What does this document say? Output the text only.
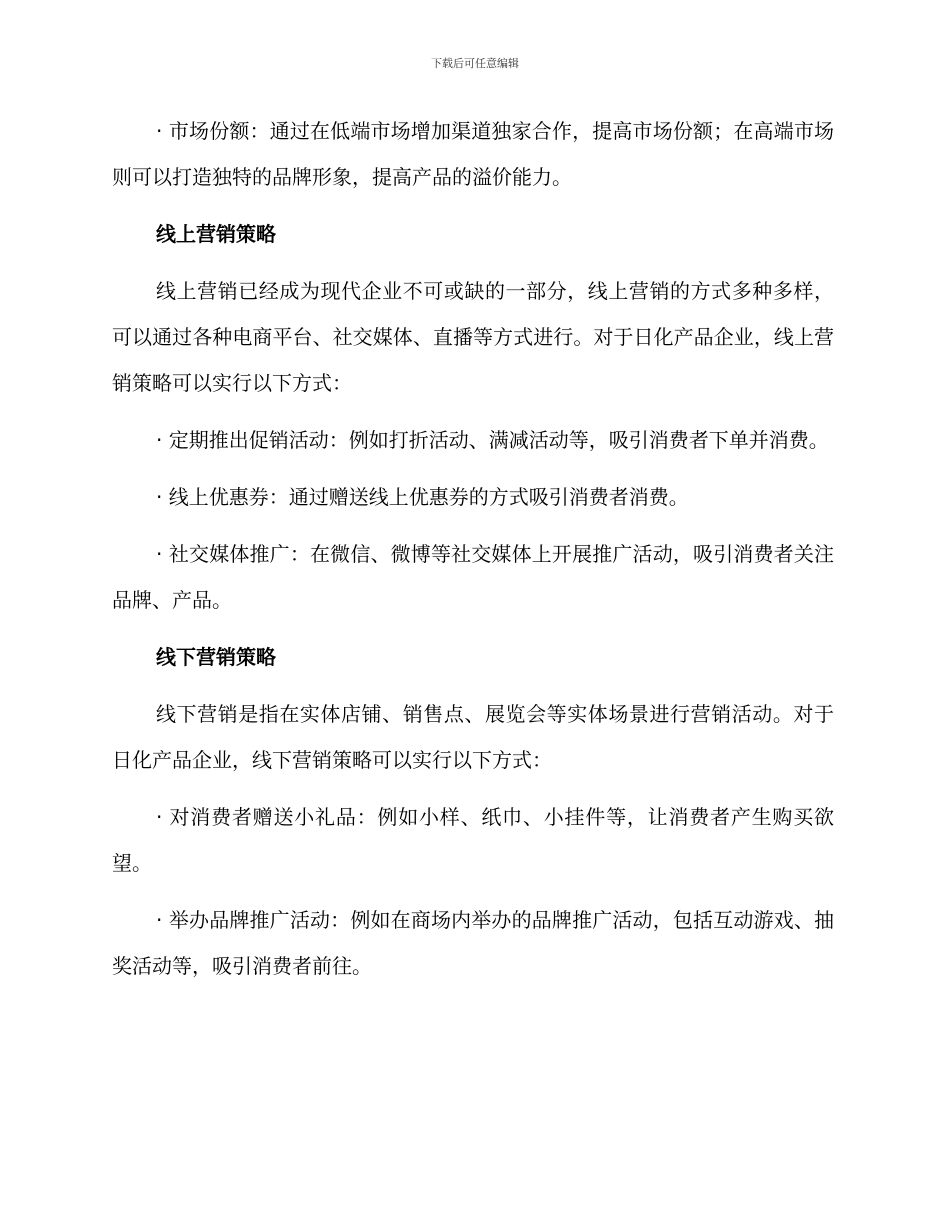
下载后可任意编辑

· 市场份额：通过在低端市场增加渠道独家合作，提高市场份额；在高端市场则可以打造独特的品牌形象，提高产品的溢价能力。

线上营销策略

线上营销已经成为现代企业不可或缺的一部分，线上营销的方式多种多样，可以通过各种电商平台、社交媒体、直播等方式进行。对于日化产品企业，线上营销策略可以实行以下方式：

· 定期推出促销活动：例如打折活动、满减活动等，吸引消费者下单并消费。

· 线上优惠券：通过赠送线上优惠券的方式吸引消费者消费。

· 社交媒体推广：在微信、微博等社交媒体上开展推广活动，吸引消费者关注品牌、产品。

线下营销策略

线下营销是指在实体店铺、销售点、展览会等实体场景进行营销活动。对于日化产品企业，线下营销策略可以实行以下方式：

· 对消费者赠送小礼品：例如小样、纸巾、小挂件等，让消费者产生购买欲望。

· 举办品牌推广活动：例如在商场内举办的品牌推广活动，包括互动游戏、抽奖活动等，吸引消费者前往。
